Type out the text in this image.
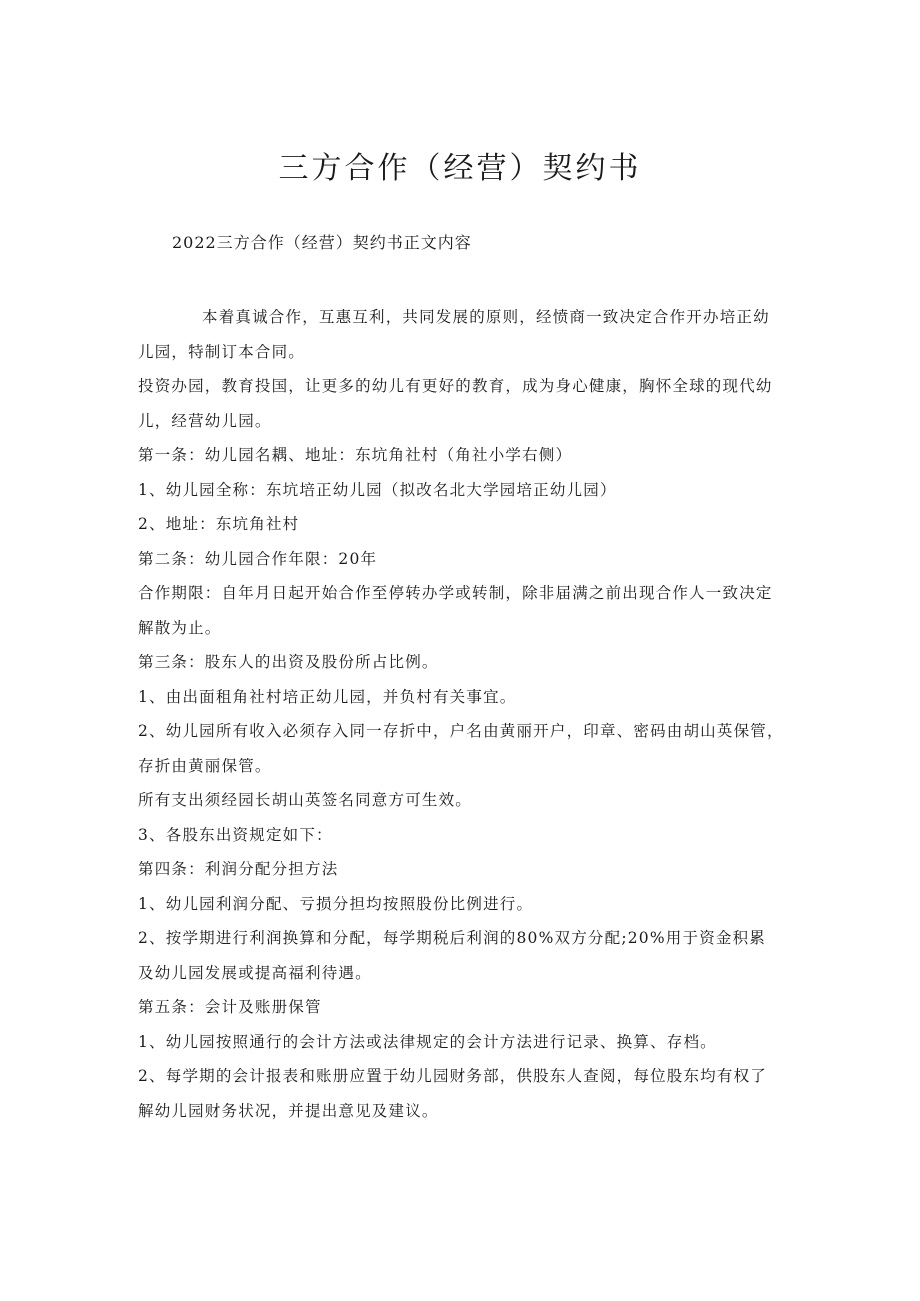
三方合作（经营）契约书

2022三方合作（经营）契约书正文内容

本着真诚合作，互惠互利，共同发展的原则，经愤商一致决定合作开办培正幼

儿园，特制订本合同。

投资办园，教育投国，让更多的幼儿有更好的教育，成为身心健康，胸怀全球的现代幼

儿，经营幼儿园。

第一条：幼儿园名耦、地址：东坑角社村（角社小学右侧）

1、幼儿园全称：东坑培正幼儿园（拟改名北大学园培正幼儿园）

2、地址：东坑角社村

第二条：幼儿园合作年限：20年

合作期限：自年月日起开始合作至停转办学或转制，除非届满之前出现合作人一致决定

解散为止。

第三条：股东人的出资及股份所占比例。

1、由出面租角社村培正幼儿园，并负村有关事宜。

2、幼儿园所有收入必须存入同一存折中，户名由黄丽开户，印章、密码由胡山英保管，

存折由黄丽保管。

所有支出须经园长胡山英签名同意方可生效。

3、各股东出资规定如下：

第四条：利润分配分担方法

1、幼儿园利润分配、亏损分担均按照股份比例进行。

2、按学期进行利润换算和分配，每学期税后利润的80%双方分配;20%用于资金积累

及幼儿园发展或提高福利待遇。

第五条：会计及账册保管

1、幼儿园按照通行的会计方法或法律规定的会计方法进行记录、换算、存档。

2、每学期的会计报表和账册应置于幼儿园财务部，供股东人查阅，每位股东均有权了

解幼儿园财务状况，并提出意见及建议。
